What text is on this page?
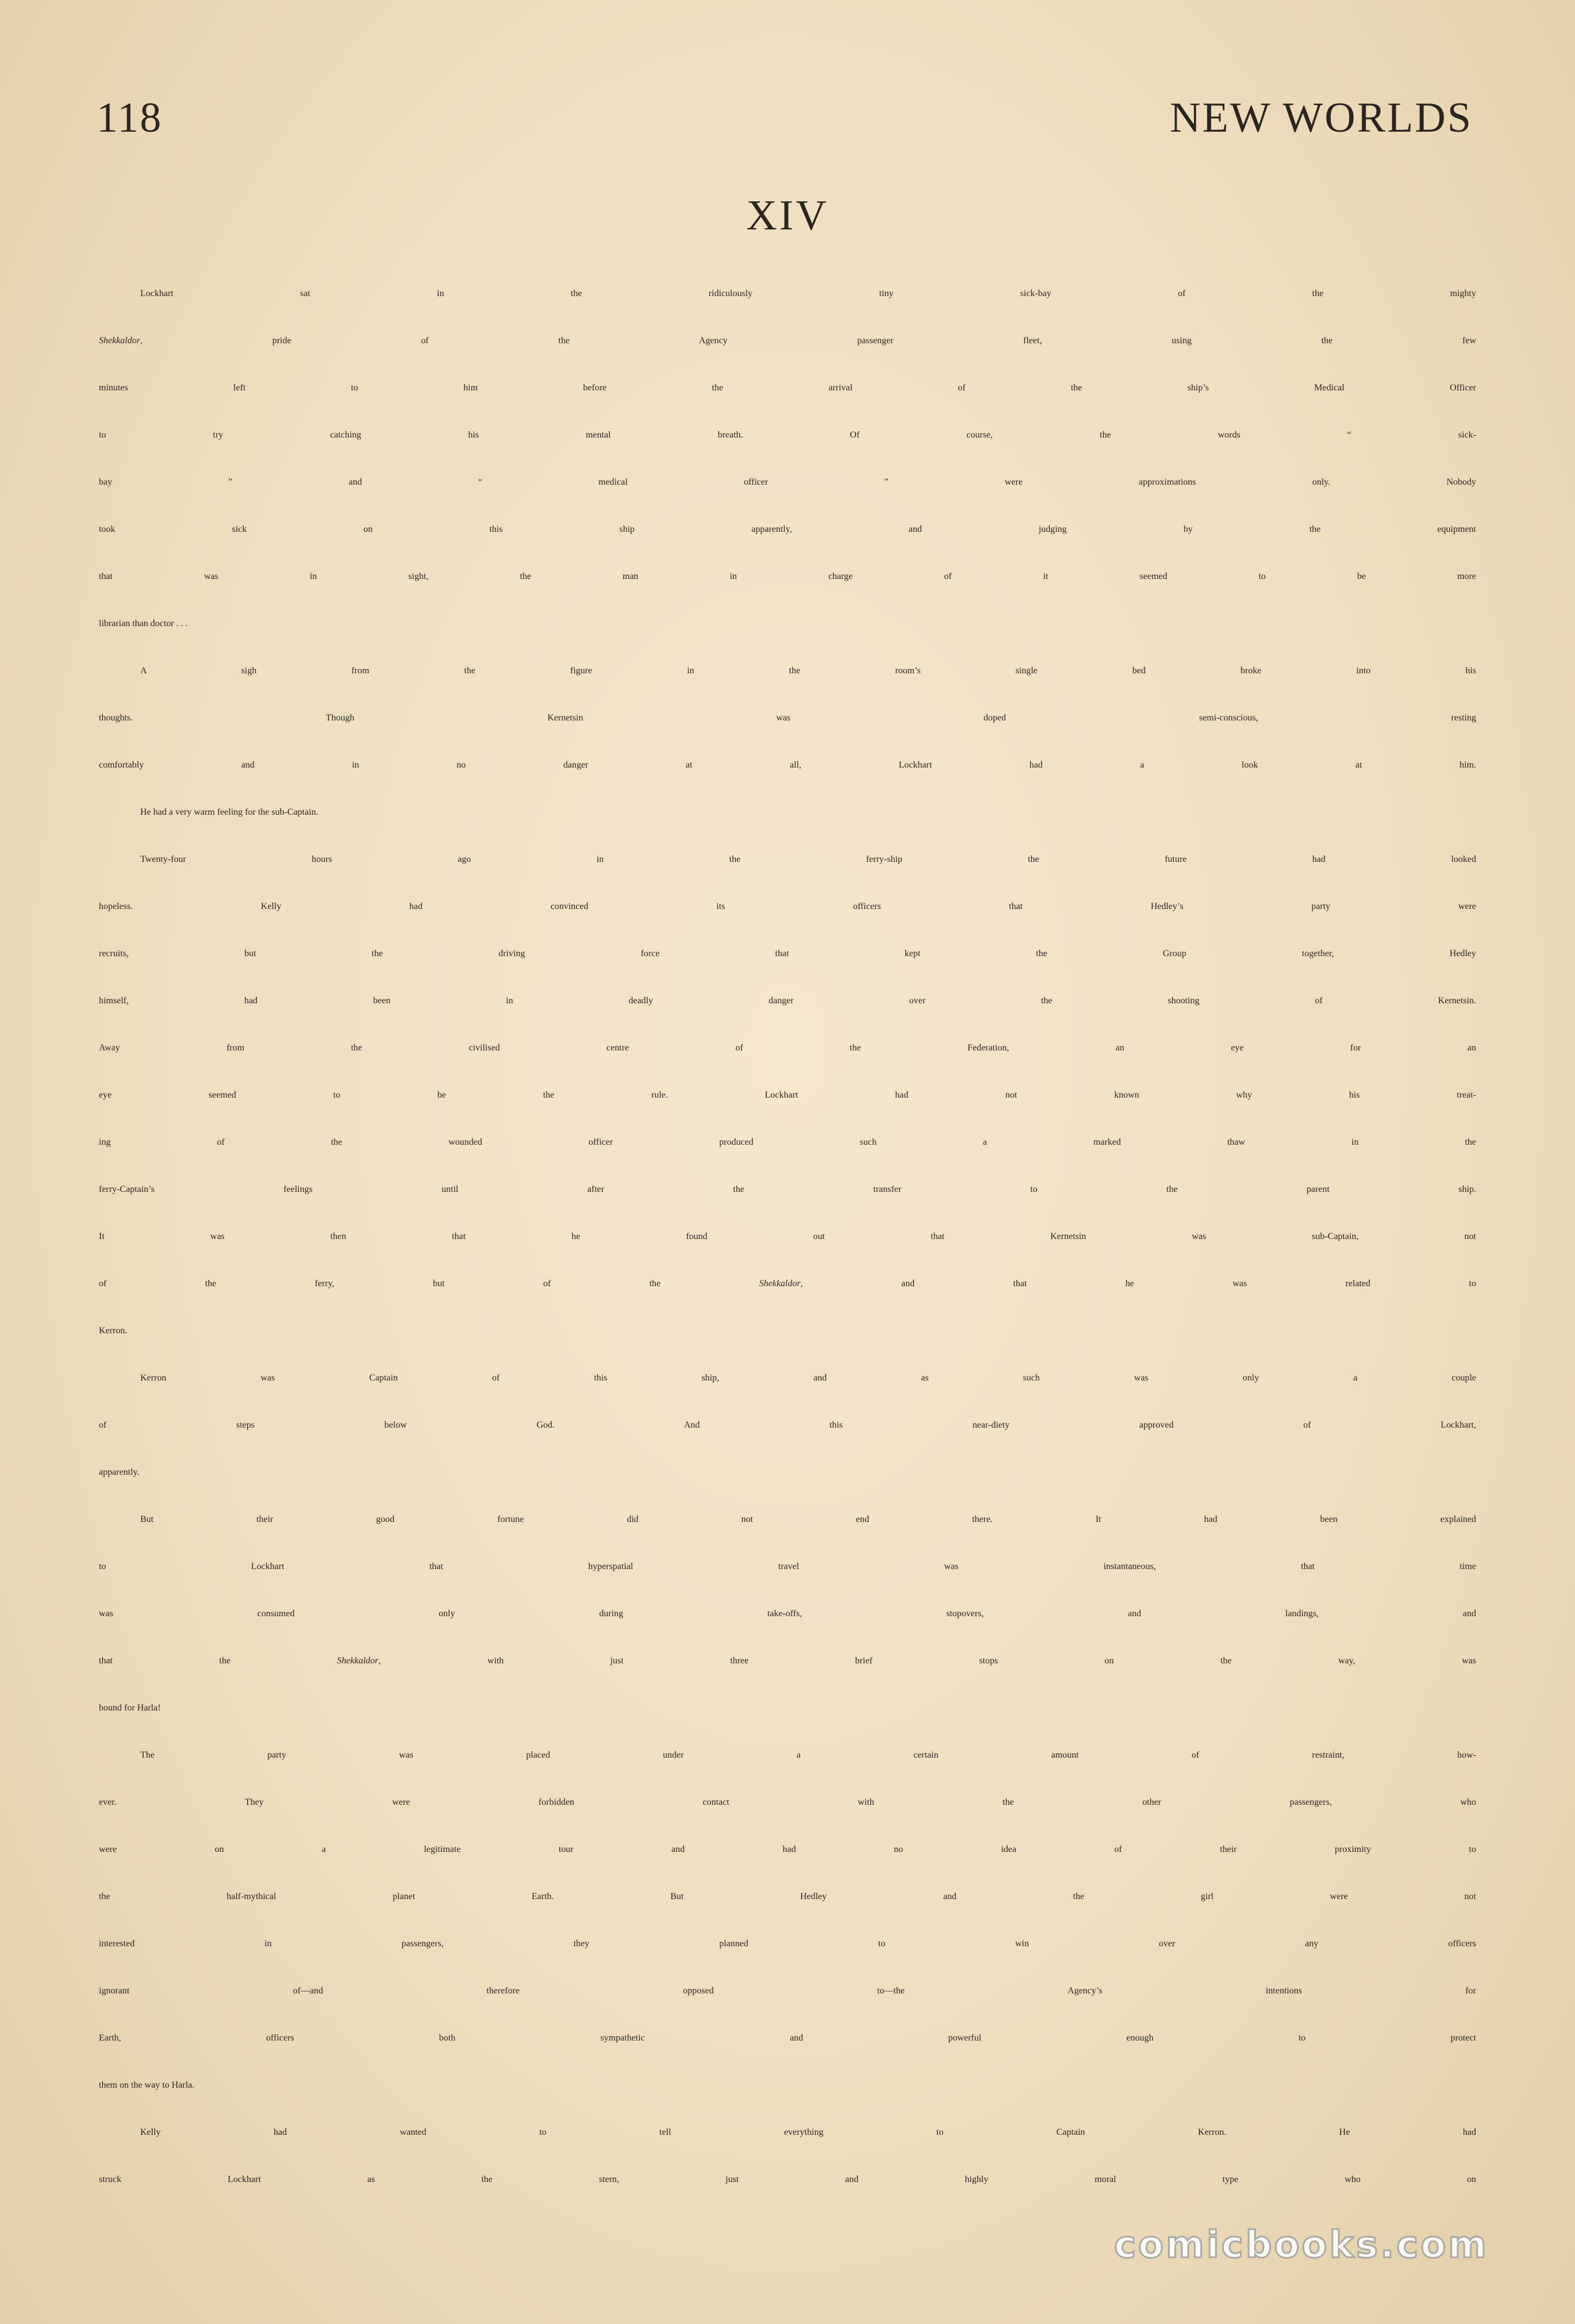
118	NEW WORLDS
XIV
Lockhart sat in the ridiculously tiny sick-bay of the mighty
Shekkaldor, pride of the Agency passenger fleet, using the few
minutes left to him before the arrival of the ship’s Medical Officer
to try catching his mental breath. Of course, the words “ sick-
bay ” and “ medical officer ” were approximations only. Nobody
took sick on this ship apparently, and judging by the equipment
that was in sight, the man in charge of it seemed to be more
librarian than doctor . . .
A sigh from the figure in the room’s single bed broke into his
thoughts. Though Kernetsin was doped semi-conscious, resting
comfortably and in no danger at all, Lockhart had a look at him.
He had a very warm feeling for the sub-Captain.
Twenty-four hours ago in the ferry-ship the future had looked
hopeless. Kelly had convinced its officers that Hedley’s party were
recruits, but the driving force that kept the Group together, Hedley
himself, had been in deadly danger over the shooting of Kernetsin.
Away from the civilised centre of the Federation, an eye for an
eye seemed to be the rule. Lockhart had not known why his treat-
ing of the wounded officer produced such a marked thaw in the
ferry-Captain’s feelings until after the transfer to the parent ship.
It was then that he found out that Kernetsin was sub-Captain, not
of the ferry, but of the Shekkaldor, and that he was related to
Kerron.
Kerron was Captain of this ship, and as such was only a couple
of steps below God. And this near-diety approved of Lockhart,
apparently.
But their good fortune did not end there. It had been explained
to Lockhart that hyperspatial travel was instantaneous, that time
was consumed only during take-offs, stopovers, and landings, and
that the Shekkaldor, with just three brief stops on the way, was
bound for Harla!
The party was placed under a certain amount of restraint, how-
ever. They were forbidden contact with the other passengers, who
were on a legitimate tour and had no idea of their proximity to
the half-mythical planet Earth. But Hedley and the girl were not
interested in passengers, they planned to win over any officers
ignorant of—and therefore opposed to—the Agency’s intentions for
Earth, officers both sympathetic and powerful enough to protect
them on the way to Harla.
Kelly had wanted to tell everything to Captain Kerron. He had
struck Lockhart as the stern, just and highly moral type who on
comicbooks.com
